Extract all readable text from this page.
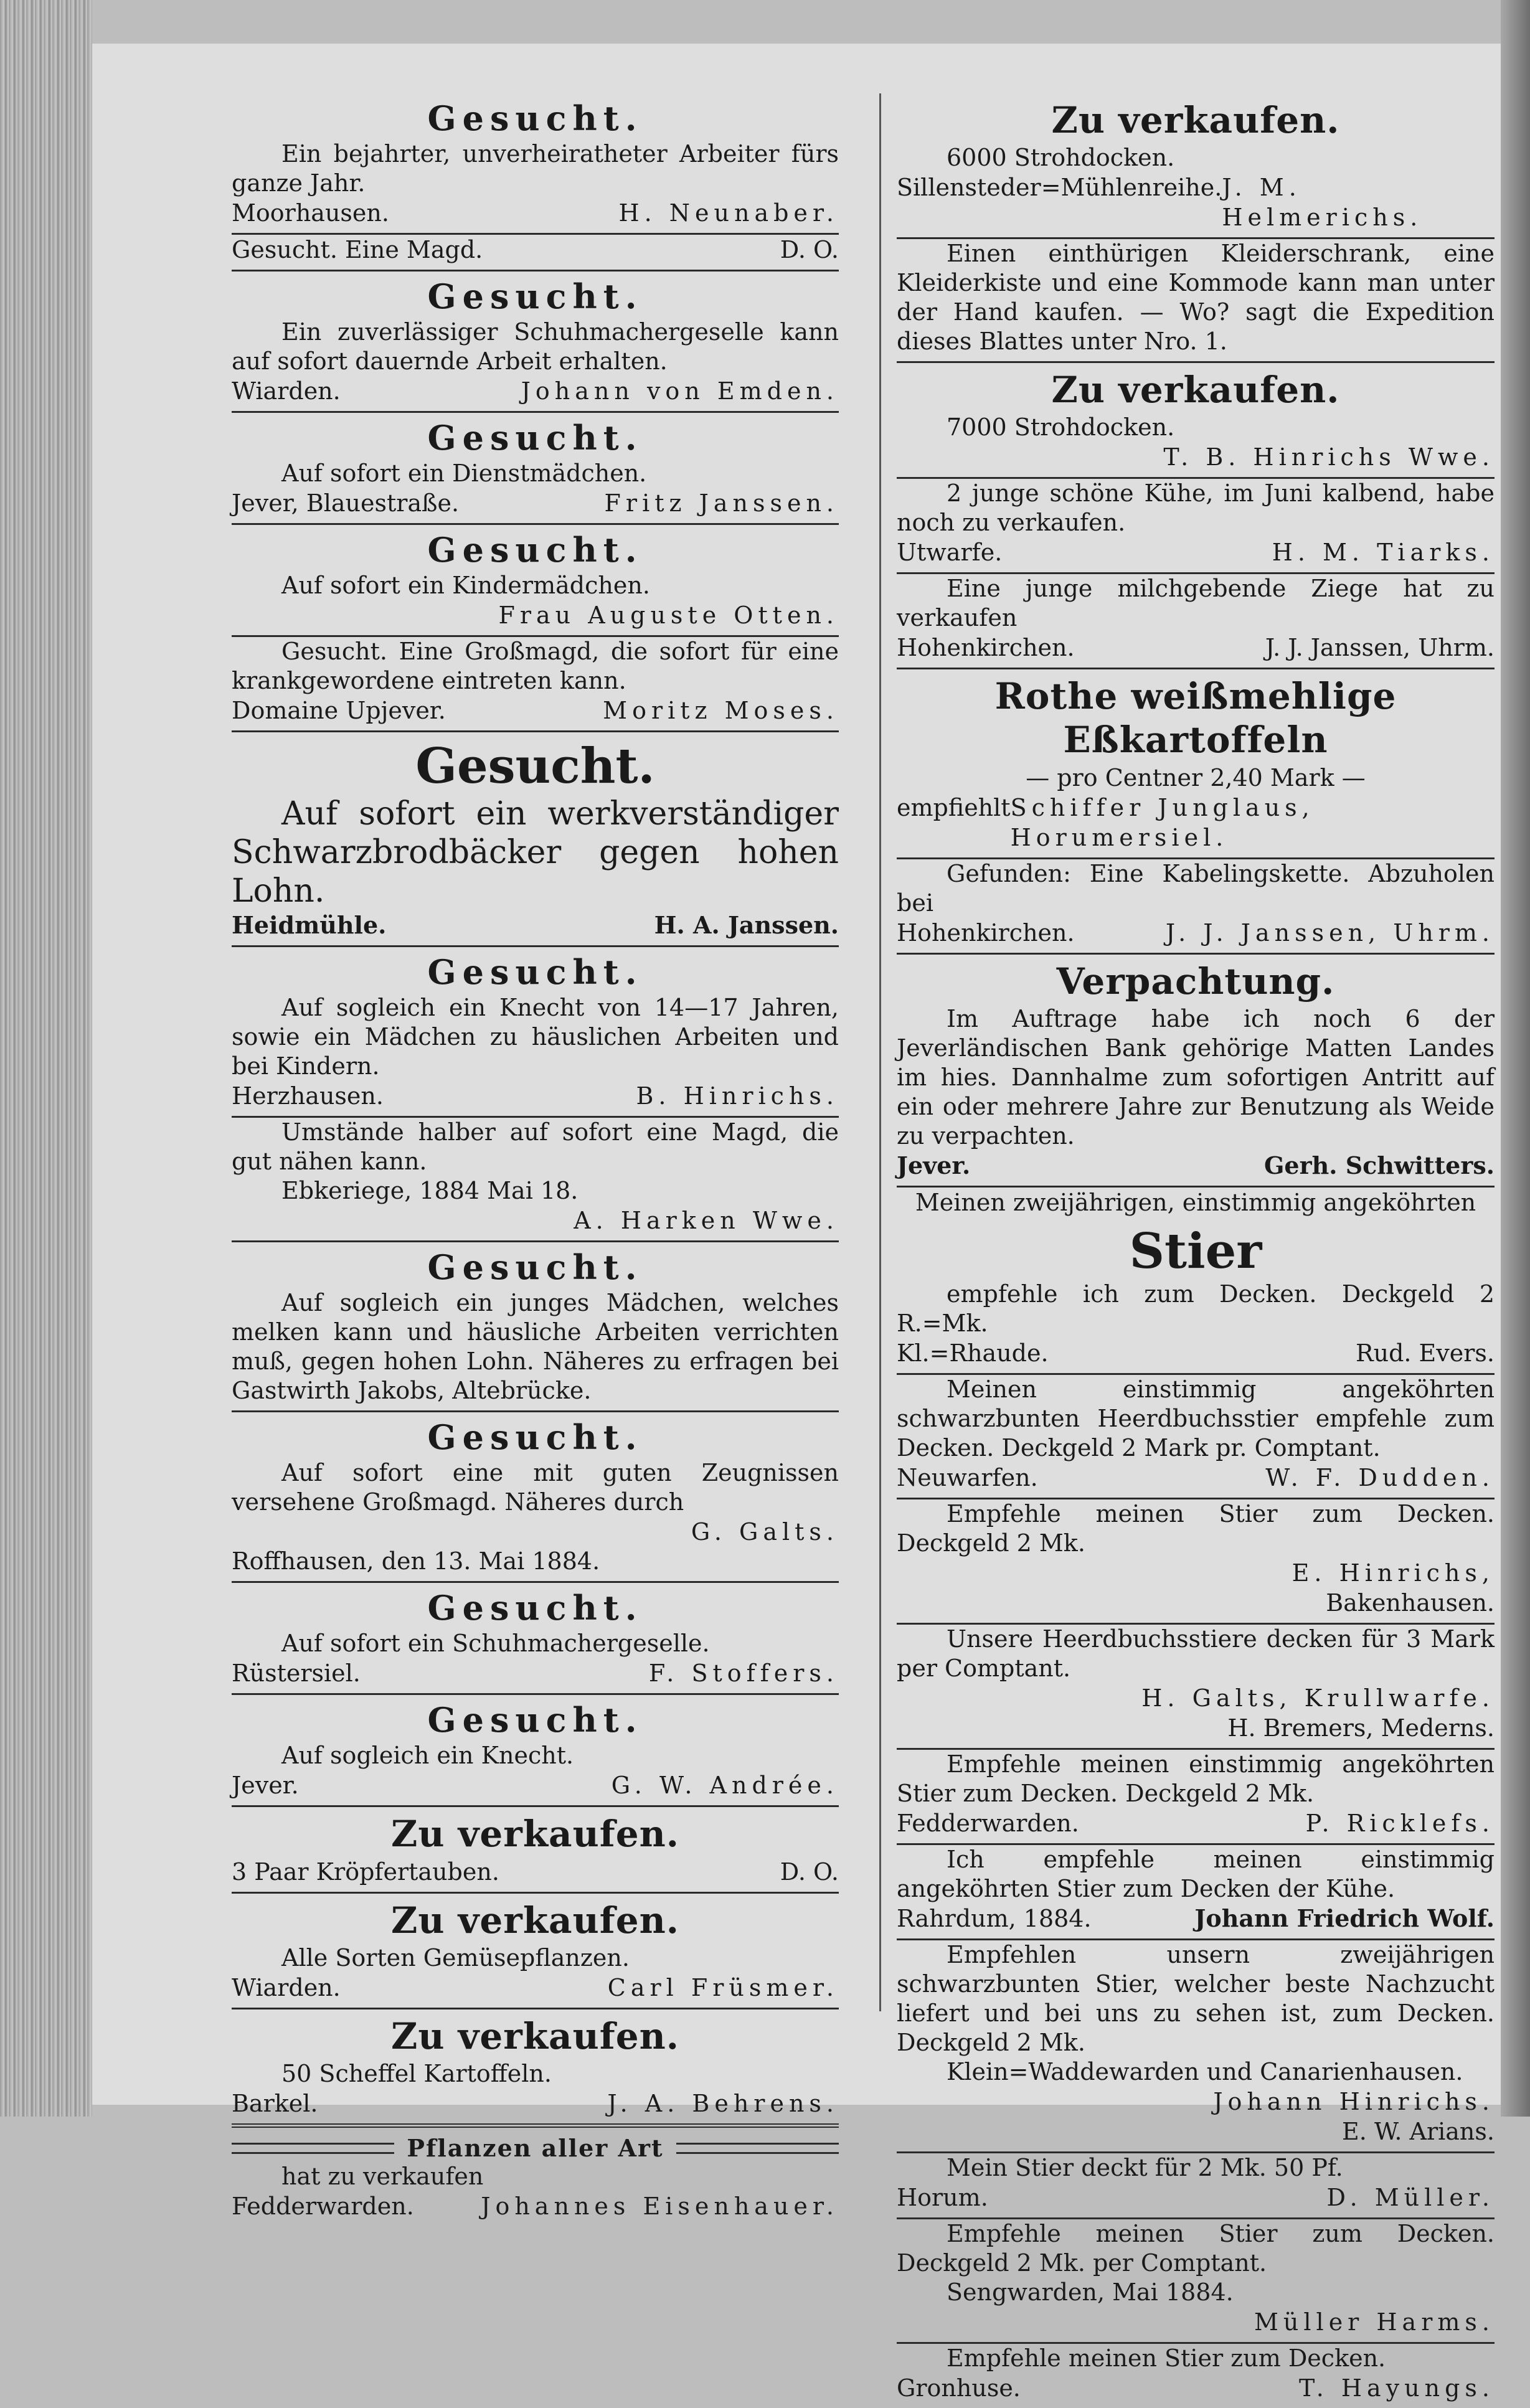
Gesucht.

Ein bejahrter, unverheiratheter Arbeiter fürs ganze Jahr.

Moorhausen.	H. Neunaber.
Gesucht. Eine Magd.	D. O.
Gesucht.

Ein zuverlässiger Schuhmachergeselle kann auf sofort dauernde Arbeit erhalten.

Wiarden.	Johann von Emden.
Gesucht.

Auf sofort ein Dienstmädchen.

Jever, Blauestraße.	Fritz Janssen.
Gesucht.

Auf sofort ein Kindermädchen.

Frau Auguste Otten.

Gesucht. Eine Großmagd, die sofort für eine krankgewordene eintreten kann.

Domaine Upjever.	Moritz Moses.
Gesucht.

Auf sofort ein werkverständiger Schwarzbrodbäcker gegen hohen Lohn.

Heidmühle.	H. A. Janssen.
Gesucht.

Auf sogleich ein Knecht von 14—17 Jahren, sowie ein Mädchen zu häuslichen Arbeiten und bei Kindern.

Herzhausen.	B. Hinrichs.

Umstände halber auf sofort eine Magd, die gut nähen kann.

Ebkeriege, 1884 Mai 18.

A. Harken Wwe.
Gesucht.

Auf sogleich ein junges Mädchen, welches melken kann und häusliche Arbeiten verrichten muß, gegen hohen Lohn. Näheres zu erfragen bei Gastwirth Jakobs, Altebrücke.

Gesucht.

Auf sofort eine mit guten Zeugnissen versehene Großmagd. Näheres durch

G. Galts.
Roffhausen, den 13. Mai 1884.
Gesucht.

Auf sofort ein Schuhmachergeselle.

Rüstersiel.	F. Stoffers.
Gesucht.

Auf sogleich ein Knecht.

Jever.	G. W. Andrée.
Zu verkaufen.
3 Paar Kröpfertauben.	D. O.
Zu verkaufen.

Alle Sorten Gemüsepflanzen.

Wiarden.	Carl Früsmer.
Zu verkaufen.

50 Scheffel Kartoffeln.

Barkel.	J. A. Behrens.
Pflanzen aller Art

hat zu verkaufen

Fedderwarden.	Johannes Eisenhauer.
Zu verkaufen.

6000 Strohdocken.

Sillensteder=Mühlenreihe. J. M. Helmerichs.

Einen einthürigen Kleiderschrank, eine Kleiderkiste und eine Kommode kann man unter der Hand kaufen. — Wo? sagt die Expedition dieses Blattes unter Nro. 1.

Zu verkaufen.

7000 Strohdocken.

T. B. Hinrichs Wwe.

2 junge schöne Kühe, im Juni kalbend, habe noch zu verkaufen.

Utwarfe.	H. M. Tiarks.

Eine junge milchgebende Ziege hat zu verkaufen

Hohenkirchen.	J. J. Janssen, Uhrm.
Rothe weißmehlige Eßkartoffeln
— pro Centner 2,40 Mark —
empfiehlt Schiffer Junglaus, Horumersiel.

Gefunden: Eine Kabelingskette. Abzuholen bei

Hohenkirchen.	J. J. Janssen, Uhrm.
Verpachtung.

Im Auftrage habe ich noch 6 der Jeverländischen Bank gehörige Matten Landes im hies. Dannhalme zum sofortigen Antritt auf ein oder mehrere Jahre zur Benutzung als Weide zu verpachten.

Jever.	Gerh. Schwitters.
Meinen zweijährigen, einstimmig angeköhrten
Stier

empfehle ich zum Decken. Deckgeld 2 R.=Mk.

Kl.=Rhaude.	Rud. Evers.

Meinen einstimmig angeköhrten schwarzbunten Heerdbuchsstier empfehle zum Decken. Deckgeld 2 Mark pr. Comptant.

Neuwarfen.	W. F. Dudden.

Empfehle meinen Stier zum Decken. Deckgeld 2 Mk.

E. Hinrichs,
Bakenhausen.

Unsere Heerdbuchsstiere decken für 3 Mark per Comptant.

H. Galts, Krullwarfe.
H. Bremers, Mederns.

Empfehle meinen einstimmig angeköhrten Stier zum Decken. Deckgeld 2 Mk.

Fedderwarden.	P. Ricklefs.

Ich empfehle meinen einstimmig angeköhrten Stier zum Decken der Kühe.

Rahrdum, 1884.	Johann Friedrich Wolf.

Empfehlen unsern zweijährigen schwarzbunten Stier, welcher beste Nachzucht liefert und bei uns zu sehen ist, zum Decken. Deckgeld 2 Mk.

Klein=Waddewarden und Canarienhausen.

Johann Hinrichs.
E. W. Arians.

Mein Stier deckt für 2 Mk. 50 Pf.

Horum.	D. Müller.

Empfehle meinen Stier zum Decken. Deckgeld 2 Mk. per Comptant.

Sengwarden, Mai 1884.

Müller Harms.

Empfehle meinen Stier zum Decken.

Gronhuse.	T. Hayungs.
